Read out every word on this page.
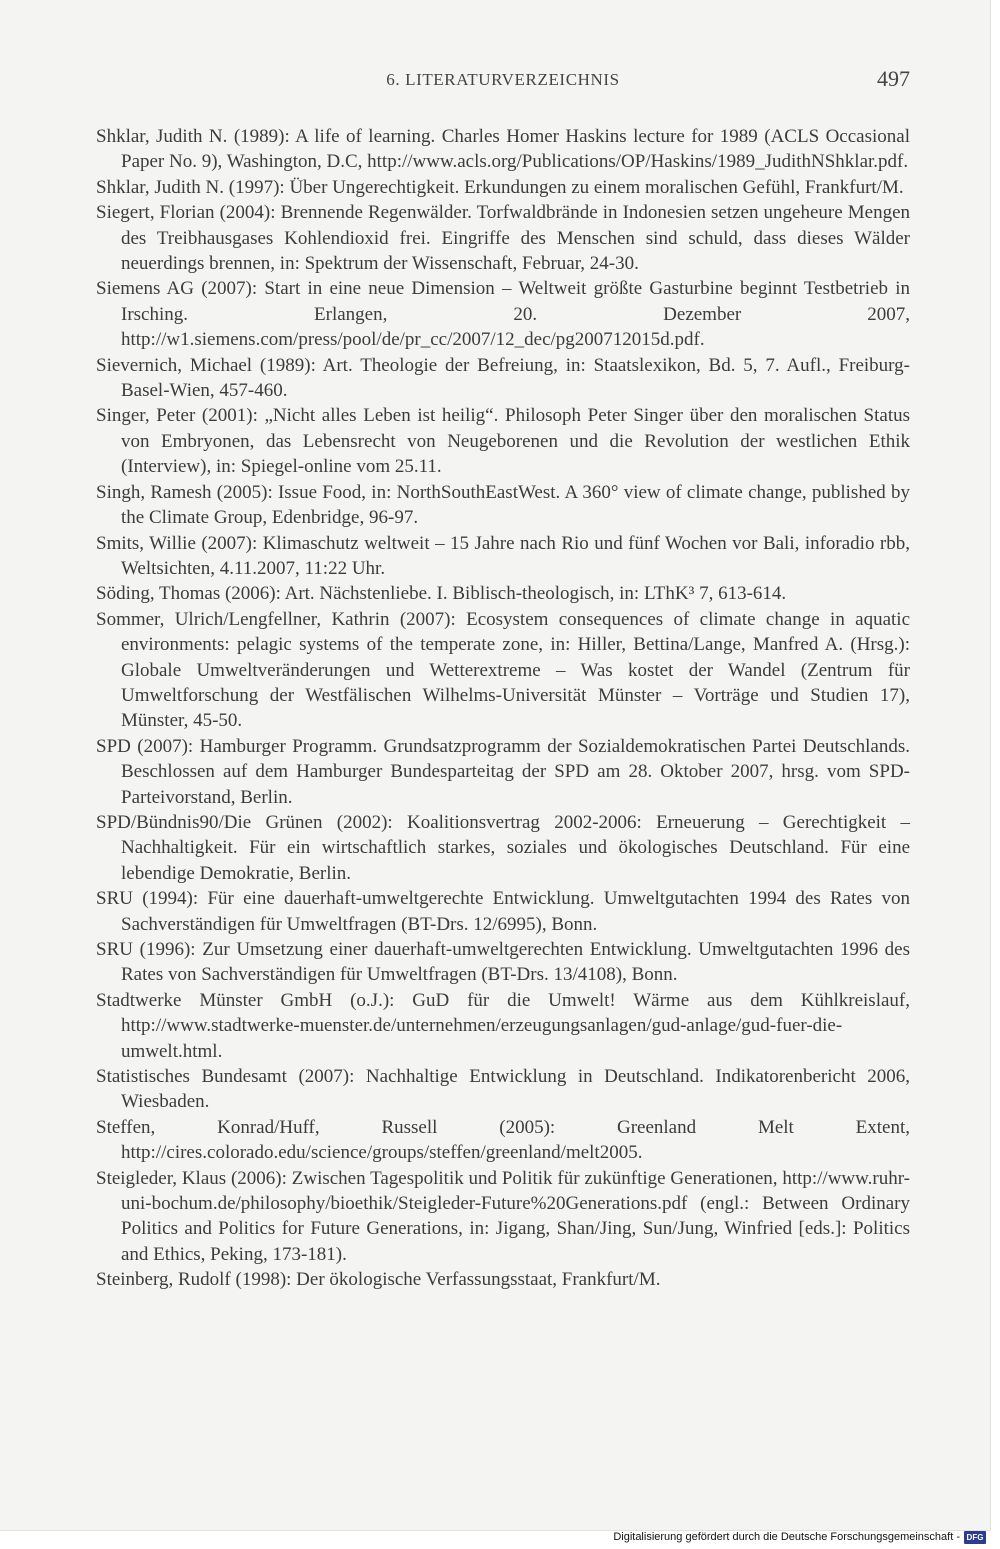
6. LITERATURVERZEICHNIS	497
Shklar, Judith N. (1989): A life of learning. Charles Homer Haskins lecture for 1989 (ACLS Occasional Paper No. 9), Washington, D.C, http://www.acls.org/Publications/OP/Haskins/1989_JudithNShklar.pdf.
Shklar, Judith N. (1997): Über Ungerechtigkeit. Erkundungen zu einem moralischen Gefühl, Frankfurt/M.
Siegert, Florian (2004): Brennende Regenwälder. Torfwaldbrände in Indonesien setzen ungeheure Mengen des Treibhausgases Kohlendioxid frei. Eingriffe des Menschen sind schuld, dass dieses Wälder neuerdings brennen, in: Spektrum der Wissenschaft, Februar, 24-30.
Siemens AG (2007): Start in eine neue Dimension – Weltweit größte Gasturbine beginnt Testbetrieb in Irsching. Erlangen, 20. Dezember 2007, http://w1.siemens.com/press/pool/de/pr_cc/2007/12_dec/pg200712015d.pdf.
Sievernich, Michael (1989): Art. Theologie der Befreiung, in: Staatslexikon, Bd. 5, 7. Aufl., Freiburg-Basel-Wien, 457-460.
Singer, Peter (2001): „Nicht alles Leben ist heilig“. Philosoph Peter Singer über den moralischen Status von Embryonen, das Lebensrecht von Neugeborenen und die Revolution der westlichen Ethik (Interview), in: Spiegel-online vom 25.11.
Singh, Ramesh (2005): Issue Food, in: NorthSouthEastWest. A 360° view of climate change, published by the Climate Group, Edenbridge, 96-97.
Smits, Willie (2007): Klimaschutz weltweit – 15 Jahre nach Rio und fünf Wochen vor Bali, inforadio rbb, Weltsichten, 4.11.2007, 11:22 Uhr.
Söding, Thomas (2006): Art. Nächstenliebe. I. Biblisch-theologisch, in: LThK³ 7, 613-614.
Sommer, Ulrich/Lengfellner, Kathrin (2007): Ecosystem consequences of climate change in aquatic environments: pelagic systems of the temperate zone, in: Hiller, Bettina/Lange, Manfred A. (Hrsg.): Globale Umweltveränderungen und Wetterextreme – Was kostet der Wandel (Zentrum für Umweltforschung der Westfälischen Wilhelms-Universität Münster – Vorträge und Studien 17), Münster, 45-50.
SPD (2007): Hamburger Programm. Grundsatzprogramm der Sozialdemokratischen Partei Deutschlands. Beschlossen auf dem Hamburger Bundesparteitag der SPD am 28. Oktober 2007, hrsg. vom SPD-Parteivorstand, Berlin.
SPD/Bündnis90/Die Grünen (2002): Koalitionsvertrag 2002-2006: Erneuerung – Gerechtigkeit – Nachhaltigkeit. Für ein wirtschaftlich starkes, soziales und ökologisches Deutschland. Für eine lebendige Demokratie, Berlin.
SRU (1994): Für eine dauerhaft-umweltgerechte Entwicklung. Umweltgutachten 1994 des Rates von Sachverständigen für Umweltfragen (BT-Drs. 12/6995), Bonn.
SRU (1996): Zur Umsetzung einer dauerhaft-umweltgerechten Entwicklung. Umweltgutachten 1996 des Rates von Sachverständigen für Umweltfragen (BT-Drs. 13/4108), Bonn.
Stadtwerke Münster GmbH (o.J.): GuD für die Umwelt! Wärme aus dem Kühlkreislauf, http://www.stadtwerke-muenster.de/unternehmen/erzeugungsanlagen/gud-anlage/gud-fuer-die-umwelt.html.
Statistisches Bundesamt (2007): Nachhaltige Entwicklung in Deutschland. Indikatorenbericht 2006, Wiesbaden.
Steffen, Konrad/Huff, Russell (2005): Greenland Melt Extent, http://cires.colorado.edu/science/groups/steffen/greenland/melt2005.
Steigleder, Klaus (2006): Zwischen Tagespolitik und Politik für zukünftige Generationen, http://www.ruhr-uni-bochum.de/philosophy/bioethik/Steigleder-Future%20Generations.pdf (engl.: Between Ordinary Politics and Politics for Future Generations, in: Jigang, Shan/Jing, Sun/Jung, Winfried [eds.]: Politics and Ethics, Peking, 173-181).
Steinberg, Rudolf (1998): Der ökologische Verfassungsstaat, Frankfurt/M.
Digitalisierung gefördert durch die Deutsche Forschungsgemeinschaft - DFG
